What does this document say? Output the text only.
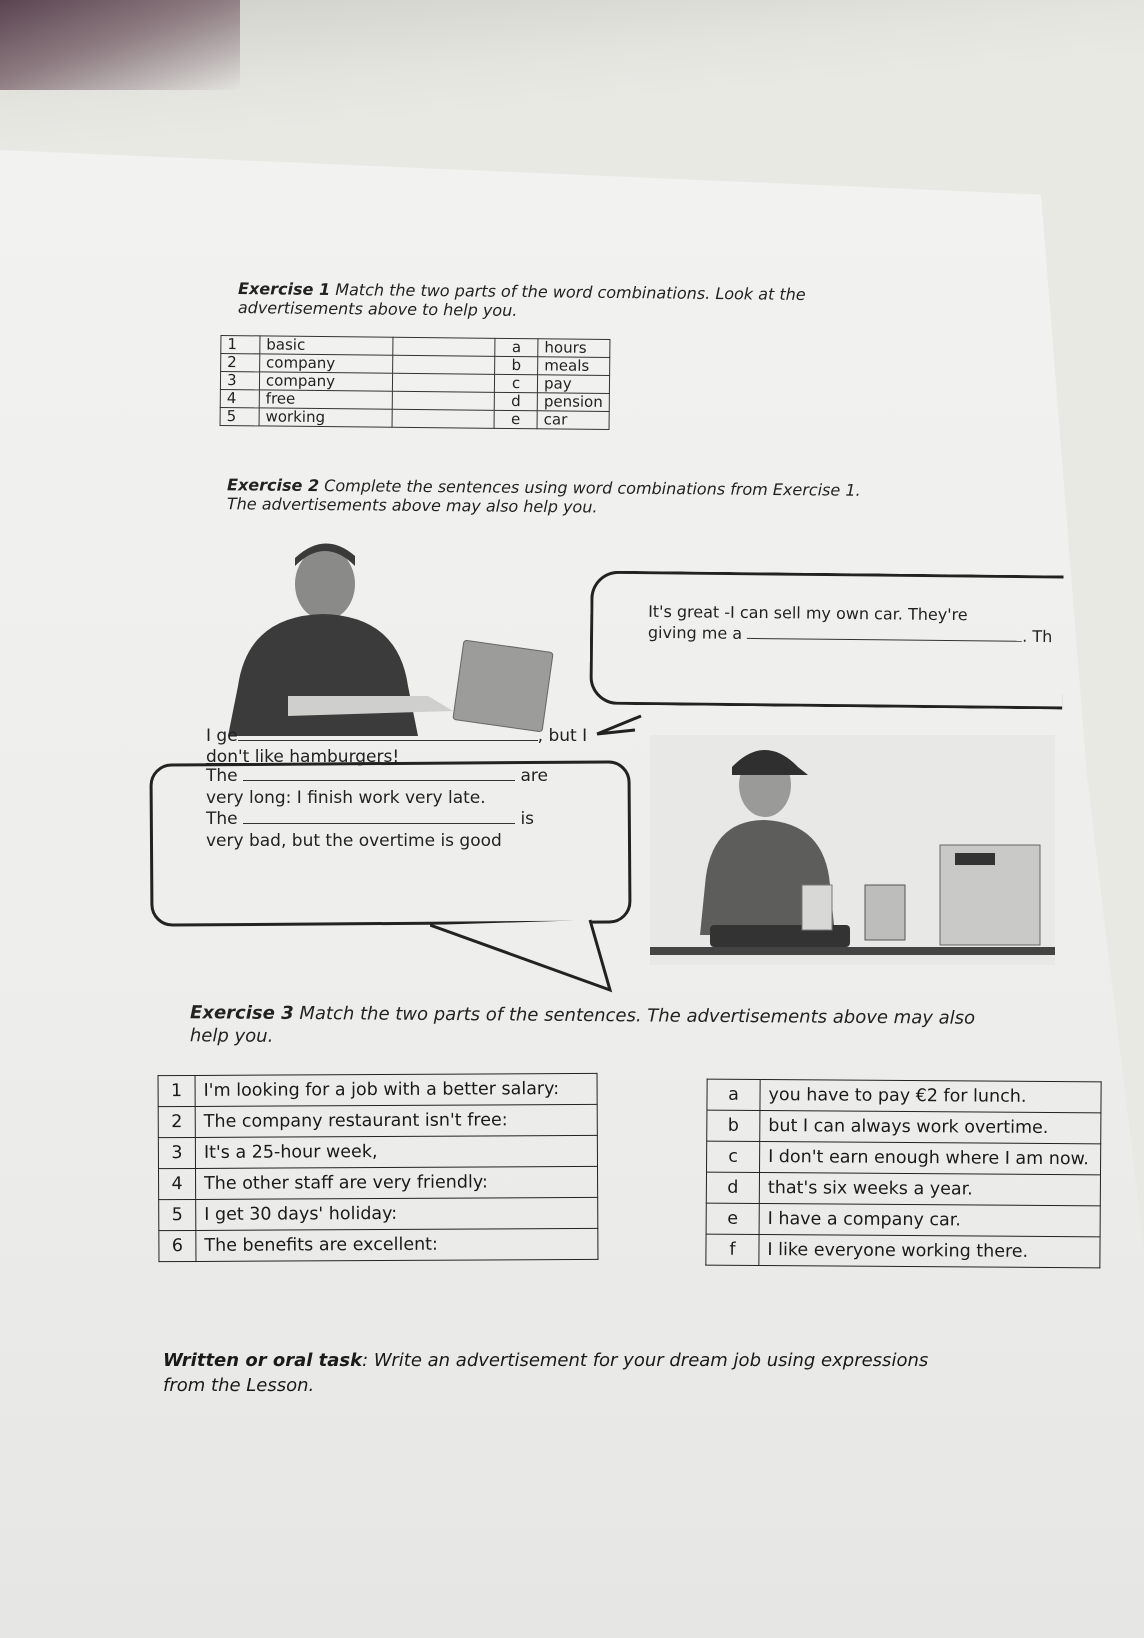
Exercise 1 Match the two parts of the word combinations. Look at the
advertisements above to help you.
1	basic		a	hours
2	company		b	meals
3	company		c	pay
4	free		d	pension
5	working		e	car
Exercise 2 Complete the sentences using word combinations from Exercise 1.
The advertisements above may also help you.
It's great -I can sell my own car. They're
giving me a	. Th
I ge	, but I
don't like hamburgers!
The	are
very long: I finish work very late.
The	is
very bad, but the overtime is good
Exercise 3 Match the two parts of the sentences. The advertisements above may also
help you.
1	I'm looking for a job with a better salary:
2	The company restaurant isn't free:
3	It's a 25-hour week,
4	The other staff are very friendly:
5	I get 30 days' holiday:
6	The benefits are excellent:
a	you have to pay €2 for lunch.
b	but I can always work overtime.
c	I don't earn enough where I am now.
d	that's six weeks a year.
e	I have a company car.
f	I like everyone working there.
Written or oral task: Write an advertisement for your dream job using expressions
from the Lesson.
